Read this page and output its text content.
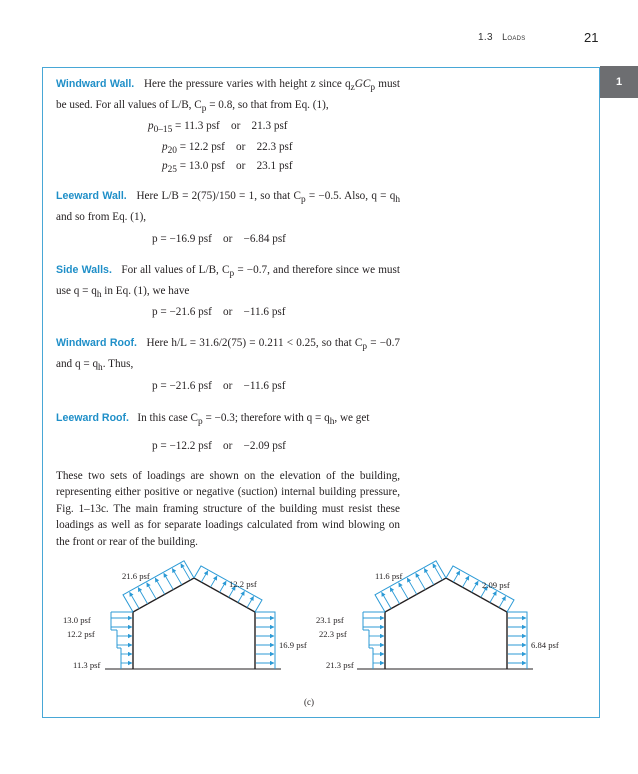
1.3 Loads	21
1
Windward Wall. Here the pressure varies with height z since $q_zGC_p$ must be used. For all values of L/B, $C_p = 0.8$, so that from Eq. (1),
$p_{0-15} = 11.3$ psf    or    21.3 psf
$p_{20} = 12.2$ psf    or    22.3 psf
$p_{25} = 13.0$ psf    or    23.1 psf
Leeward Wall. Here L/B = 2(75)/150 = 1, so that $C_p = -0.5$. Also, $q = q_h$ and so from Eq. (1),
p = −16.9 psf    or    −6.84 psf
Side Walls. For all values of L/B, $C_p = -0.7$, and therefore since we must use $q = q_h$ in Eq. (1), we have
p = −21.6 psf    or    −11.6 psf
Windward Roof. Here h/L = 31.6/2(75) = 0.211 < 0.25, so that $C_p = -0.7$ and $q = q_h$. Thus,
p = −21.6 psf    or    −11.6 psf
Leeward Roof. In this case $C_p = -0.3$; therefore with $q = q_h$, we get
p = −12.2 psf    or    −2.09 psf
These two sets of loadings are shown on the elevation of the building, representing either positive or negative (suction) internal building pressure, Fig. 1–13c. The main framing structure of the building must resist these loadings as well as for separate loadings calculated from wind blowing on the front or rear of the building.
21.6 psf
12.2 psf
13.0 psf
12.2 psf
11.3 psf
16.9 psf
11.6 psf
2.09 psf
23.1 psf
22.3 psf
21.3 psf
6.84 psf
(c)
